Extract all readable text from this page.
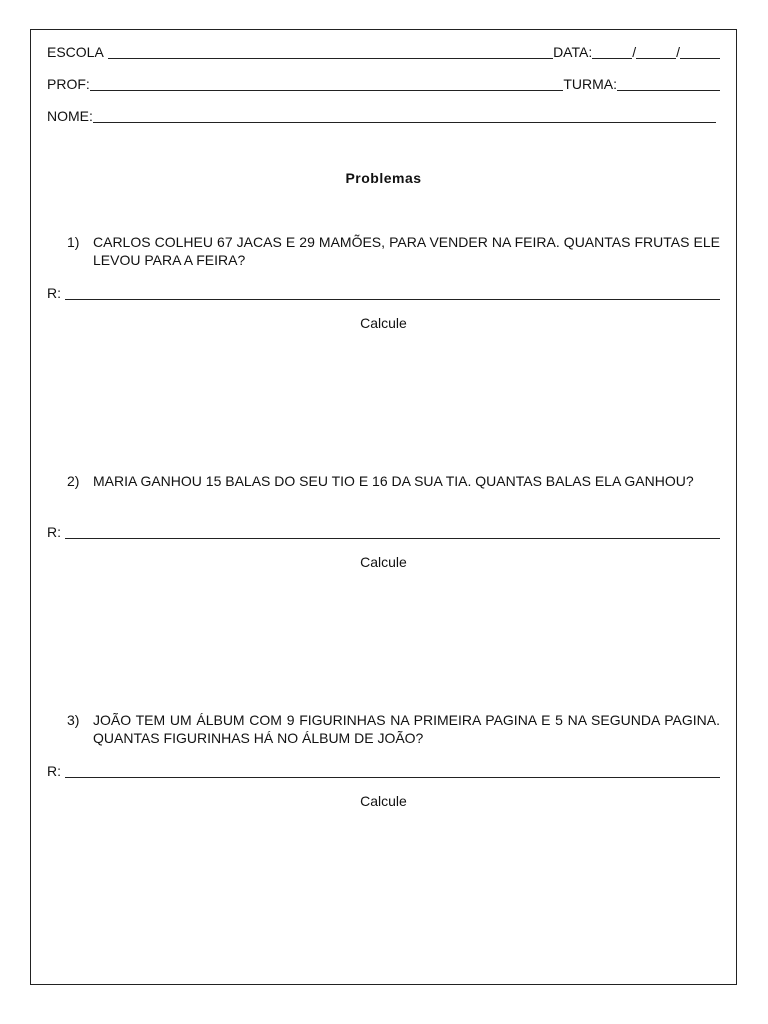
ESCOLA	DATA:	/	/
PROF:	TURMA:
NOME:
Problemas
1) CARLOS COLHEU 67 JACAS E 29 MAMÕES, PARA VENDER NA FEIRA. QUANTAS FRUTAS ELE LEVOU PARA A FEIRA?
R:
Calcule
2) MARIA GANHOU 15 BALAS DO SEU TIO E 16 DA SUA TIA. QUANTAS BALAS ELA GANHOU?
R:
Calcule
3) JOÃO TEM UM ÁLBUM COM 9 FIGURINHAS NA PRIMEIRA PAGINA E 5 NA SEGUNDA PAGINA. QUANTAS FIGURINHAS HÁ NO ÁLBUM DE JOÃO?
R:
Calcule
